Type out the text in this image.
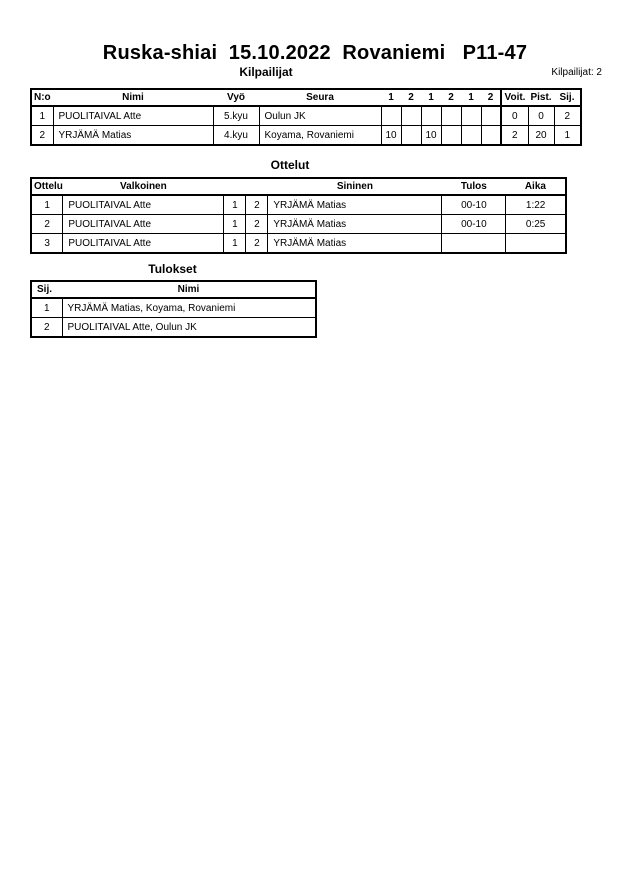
Ruska-shiai  15.10.2022  Rovaniemi   P11-47
Kilpailijat	Kilpailijat: 2
N:o	Nimi	Vyö	Seura	1	2	1	2	1	2	Voit.	Pist.	Sij.
1	PUOLITAIVAL Atte	5.kyu	Oulun JK							0	0	2
2	YRJÄMÄ Matias	4.kyu	Koyama, Rovaniemi	10		10				2	20	1
Ottelut
Ottelu	Valkoinen			Sininen	Tulos	Aika
1	PUOLITAIVAL Atte	1	2	YRJÄMÄ Matias	00-10	1:22
2	PUOLITAIVAL Atte	1	2	YRJÄMÄ Matias	00-10	0:25
3	PUOLITAIVAL Atte	1	2	YRJÄMÄ Matias		
Tulokset
Sij.	Nimi
1	YRJÄMÄ Matias, Koyama, Rovaniemi
2	PUOLITAIVAL Atte, Oulun JK
